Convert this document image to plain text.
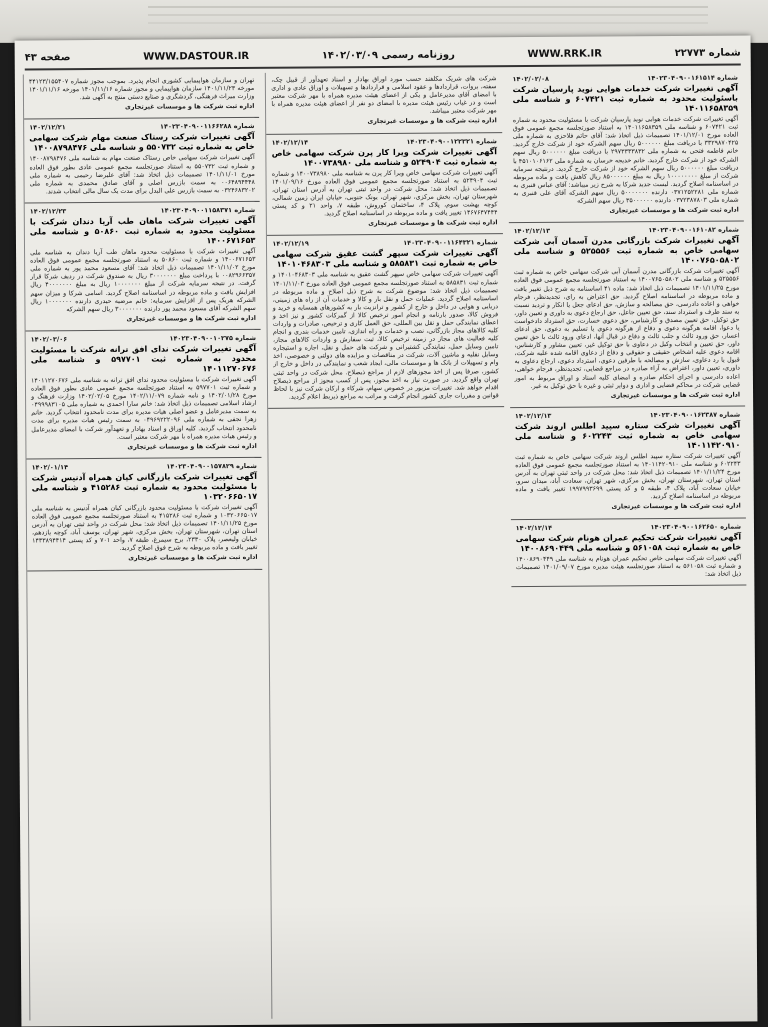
صفحه ۴۳	WWW.DASTOUR.IR	روزنامه رسمی ۱۴۰۲/۰۳/۰۹	WWW.RRK.IR	شماره ۲۲۷۷۳
شماره ۱۴۰۲۳۰۴۰۹۰۰۱۶۱۵۱۴
۱۴۰۲/۰۲/۰۸
آگهی تغییرات شرکت خدمات هوایی نوید پارسیان شرکت باسئولیت محدود به شماره ثبت ۶۰۷۴۲۱ و شناسه ملی ۱۴۰۱۱۶۵۸۳۵۹

آگهی تغییرات شرکت خدمات هوایی نوید پارسیان شرکت با مسئولیت محدود به شماره ثبت ۶۰۷۴۲۱ و شناسه ملی ۱۴۰۱۱۶۵۸۳۵۹ به استناد صورتجلسه مجمع عمومی فوق العاده مورخ ۱۴۰۱/۱۲/۰۱ تصمیمات ذیل اتخاذ شد: آقای حاتم فلاحزی به شماره ملی ۳۳۲۹۸۷۰۴۲۵ با دریافت مبلغ ۵۰۰۰۰۰۰ ریال سهم الشرکه خود از شرکت خارج گردید. خانم فاطمه فتحی به شماره ملی ۲۹۷۳۳۳۳۸۳۲ با دریافت مبلغ ۵۰۰۰۰۰۰ ریال سهم الشرکه خود از شرکت خارج گردید. خانم خدیجه خرسان به شماره ملی ۴۵۱۰۱۰۶۱۶۲ با دریافت مبلغ ۵۰۰۰۰۰۰ ریال سهم الشرکه خود از شرکت خارج گردید. درنتیجه سرمایه شرکت از مبلغ ۱۰۰۰۰۰۰۰۰ ریال به مبلغ ۸۵۰۰۰۰۰۰ ریال کاهش یافت و ماده مربوطه در اساسنامه اصلاح گردید. لیست جدید شرکا به شرح زیر میباشد: آقای عباس قنبری به شماره ملی ۰۳۷۱۲۵۲۲۸۱ دارنده ۵۰۰۰۰۰۰۰ ریال سهم الشرکه آقای علی قنبری به شماره ملی ۰۳۷۲۳۸۷۸۰۳ دارنده ۳۵۰۰۰۰۰۰ ریال سهم الشرکه

اداره ثبت شرکت ها و موسسات غیرتجاری
شماره ۱۴۰۲۳۰۴۰۹۰۰۱۶۱۰۸۲
۱۴۰۲/۱۲/۱۳
آگهی تغییرات شرکت بازرگانی مدرن آسمان آبی شرکت سهامی خاص به شماره ثبت ۵۲۵۵۵۶ و شناسه ملی ۱۴۰۰۷۶۵۰۵۸۰۲

آگهی تغییرات شرکت بازرگانی مدرن آسمان آبی شرکت سهامی خاص به شماره ثبت ۵۲۵۵۵۶ و شناسه ملی ۱۴۰۰۷۶۵۰۵۸۰۲ به استناد صورتجلسه مجمع عمومی فوق العاده مورخ ۱۴۰۱/۱۱/۲۵ تصمیمات ذیل اتخاذ شد: ماده ۴۱ اساسنامه به شرح ذیل تغییر یافت و ماده مربوطه در اساسنامه اصلاح گردید. حق اعتراض به رای، تجدیدنظر، فرجام خواهی و اعاده دادرسی، حق مصالحه و سازش، حق ادعای جعل یا انکار و تردید نسبت به سند طرف و استرداد سند، حق تعیین جاعل، حق ارجاع دعوی به داوری و تعیین داور، حق توکیل، حق تعیین مصدق و کارشناس، حق دعوی خسارت، حق استرداد دادخواست یا دعوا، اقامه هرگونه دعوی و دفاع از هرگونه دعوی یا تسلیم به دعوی، حق ادعای اعسار، حق ورود ثالث و جلب ثالث و دفاع در قبال آنها، ادعای ورود ثالث با حق تعیین داور، حق تعیین و انتخاب وکیل در دعاوی با حق توکیل غیر، تعیین مشاور و کارشناس، اقامه دعوی علیه اشخاص حقیقی و حقوقی و دفاع از دعاوی اقامه شده علیه شرکت، قبول یا رد دعاوی، سازش و مصالحه با طرفین دعوی، استرداد دعوی، ارجاع دعاوی به داوری، تعیین داور، اعتراض به آراء صادره در مراجع قضایی، تجدیدنظر، فرجام خواهی، اعاده دادرسی و اجرای احکام صادره و امضای کلیه اسناد و اوراق مربوط به امور قضایی شرکت در محاکم قضایی و اداری و دوایر ثبتی و غیره با حق توکیل به غیر.

اداره ثبت شرکت ها و موسسات غیرتجاری
شماره ۱۴۰۲۳۰۴۰۹۰۰۱۶۲۳۸۷
۱۴۰۲/۱۲/۱۳
آگهی تغییرات شرکت ستاره سپید اطلس اروند شرکت سهامی خاص به شماره ثبت ۶۰۲۲۴۳ و شناسه ملی ۱۴۰۱۱۴۲۰۹۱۰

آگهی تغییرات شرکت ستاره سپید اطلس اروند شرکت سهامی خاص به شماره ثبت ۶۰۲۲۴۳ و شناسه ملی ۱۴۰۱۱۴۲۰۹۱۰ به استناد صورتجلسه مجمع عمومی فوق العاده مورخ ۱۴۰۱/۱۱/۲۴ تصمیمات ذیل اتخاذ شد: محل شرکت در واحد ثبتی تهران به آدرس استان تهران، شهرستان تهران، بخش مرکزی، شهر تهران، سعادت آباد، میدان سرو، خیابان سعادت آباد، پلاک ۴، طبقه ۵ و کد پستی ۱۹۹۷۹۹۳۶۹۹ تغییر یافت و ماده مربوطه در اساسنامه اصلاح گردید.

اداره ثبت شرکت ها و موسسات غیرتجاری
شماره ۱۴۰۲۳۰۴۰۹۰۰۱۶۲۶۵۰
۱۴۰۲/۱۲/۱۴
آگهی تغییرات شرکت تحکیم عمران هونام شرکت سهامی خاص به شماره ثبت ۵۶۱۰۵۸ و شناسه ملی ۱۴۰۰۸۶۹۰۴۴۹

آگهی تغییرات شرکت سهامی خاص تحکیم عمران هونام به شناسه ملی ۱۴۰۰۸۶۹۰۴۴۹ و شماره ثبت ۵۶۱۰۵۸ به استناد صورتجلسه هیئت مدیره مورخ ۱۴۰۱/۰۹/۰۷ تصمیمات ذیل اتخاذ شد:

شرکت های شریک مکلفند حسب مورد اوراق بهادار و اسناد تعهدآور از قبیل چک، سفته، بروات، قراردادها و عقود اسلامی و قراردادها و تسهیلات و اوراق عادی و اداری با امضای آقای مدیرعامل و یکی از اعضای هیئت مدیره همراه با مهر شرکت معتبر است و در غیاب رئیس هیئت مدیره با امضای دو نفر از اعضای هیئت مدیره همراه با مهر شرکت معتبر میباشد.

اداره ثبت شرکت ها و موسسات غیرتجاری
شماره ۱۴۰۲۳۰۴۰۹۰۰۱۲۲۳۲۱
۱۴۰۲/۱۲/۱۴
آگهی تغییرات شرکت ویرا کار پرن شرکت سهامی خاص به شماره ثبت ۵۲۴۹۰۴ و شناسه ملی ۱۴۰۰۷۳۸۹۸۰

آگهی تغییرات شرکت سهامی خاص ویرا کار پرن به شناسه ملی ۱۴۰۰۷۳۸۹۸۰ و شماره ثبت ۵۲۴۹۰۴ به استناد صورتجلسه مجمع عمومی فوق العاده مورخ ۱۴۰۱/۰۹/۱۶ تصمیمات ذیل اتخاذ شد: محل شرکت در واحد ثبتی تهران به آدرس استان تهران، شهرستان تهران، بخش مرکزی، شهر تهران، یونک جنوبی، خیابان ایران زمین شمالی، کوچه بهشت سوم، پلاک ۴، ساختمان کوروش، طبقه ۷، واحد ۲۱ و کد پستی ۱۴۶۷۶۴۷۴۴۴ تغییر یافت و ماده مربوطه در اساسنامه اصلاح گردید.

اداره ثبت شرکت ها و موسسات غیرتجاری
شماره ۱۴۰۲۳۰۴۰۹۰۰۱۱۶۴۳۲۱
۱۴۰۲/۱۲/۱۹
آگهی تغییرات شرکت سپهر گشت عقیق شرکت سهامی خاص به شماره ثبت ۵۸۵۸۳۱ و شناسه ملی ۱۴۰۱۰۴۶۸۳۰۳

آگهی تغییرات شرکت سهامی خاص سپهر گشت عقیق به شناسه ملی ۱۴۰۱۰۴۶۸۳۰۳ و شماره ثبت ۵۸۵۸۳۱ به استناد صورتجلسه مجمع عمومی فوق العاده مورخ ۱۴۰۱/۱۱/۰۳ تصمیمات ذیل اتخاذ شد: موضوع شرکت به شرح ذیل اصلاح و ماده مربوطه در اساسنامه اصلاح گردید. عملیات حمل و نقل بار و کالا و خدمات آن از راه های زمینی، دریایی و هوایی در داخل و خارج از کشور و ترانزیت بار به کشورهای همسایه و خرید و فروش کالا، صدور بارنامه و انجام امور ترخیص کالا از گمرکات کشور و نیز اخذ و اعطای نمایندگی حمل و نقل بین المللی، حق العمل کاری و ترخیص، صادرات و واردات کلیه کالاهای مجاز بازرگانی، نصب و خدمات و راه اندازی، تامین خدمات بندری و انجام کلیه فعالیت های مجاز در زمینه ترخیص کالا، ثبت سفارش و واردات کالاهای مجاز، تامین وسایل حمل، نمایندگی کشتیرانی و شرکت های حمل و نقل، اجاره و استیجاره وسایل نقلیه و ماشین آلات، شرکت در مناقصات و مزایده های دولتی و خصوصی، اخذ وام و تسهیلات از بانک ها و موسسات مالی، ایجاد شعب و نمایندگی در داخل و خارج از کشور، صرفا پس از اخذ مجوزهای لازم از مراجع ذیصلاح. محل شرکت در واحد ثبتی تهران واقع گردید. در صورت نیاز به اخذ مجوز، پس از کسب مجوز از مراجع ذیصلاح اقدام خواهد شد. تغییرات مزبور در خصوص سهام، شرکاء و ارکان شرکت نیز با لحاظ قوانین و مقررات جاری کشور انجام گرفت و مراتب به مراجع ذیربط اعلام گردید.

تهران و سازمان هواپیمایی کشوری انجام پذیرد. بموجب مجوز شماره ۴۴۱۲۳/۱۵۵۴۰۷ مورخه ۱۴۰۱/۱۱/۲۳ سازمان هواپیمایی و مجوز شماره ۱۴۰۱/۱۱/۱۶ مورخه ۱۴۰۱/۱۱/۱۶ وزارت میراث فرهنگی، گردشگری و صنایع دستی منتج به آگهی شد.

اداره ثبت شرکت ها و موسسات غیرتجاری
شماره ۱۴۰۲۳۰۴۰۹۰۰۱۱۶۶۲۸۸
۱۴۰۲/۱۲/۲۱
آگهی تغییرات شرکت رستاک صنعت مهام شرکت سهامی خاص به شماره ثبت ۵۵۰۷۳۲ و شناسه ملی ۱۴۰۰۸۷۹۸۴۷۶

آگهی تغییرات شرکت سهامی خاص رستاک صنعت مهام به شناسه ملی ۱۴۰۰۸۷۹۸۴۷۶ و شماره ثبت ۵۵۰۷۳۲ به استناد صورتجلسه مجمع عمومی عادی بطور فوق العاده مورخ ۱۴۰۱/۱۱/۰۱ تصمیمات ذیل اتخاذ شد: آقای علیرضا رحیمی به شماره ملی ۰۰۶۴۸۹۴۴۴۸ به سمت بازرس اصلی و آقای صادق محمدی به شماره ملی ۰۳۲۴۶۸۳۲۰۲ به سمت بازرس علی البدل برای مدت یک سال مالی انتخاب شدند.

شماره ۱۴۰۲۳۰۴۰۹۰۰۱۱۵۸۳۷۱
۱۴۰۲/۱۲/۲۳
آگهی تغییرات شرکت ماهان طب آریا دندان شرکت با مسئولیت محدود به شماره ثبت ۵۰۸۶۰ و شناسه ملی ۱۴۰۰۶۷۱۶۵۳

آگهی تغییرات شرکت با مسئولیت محدود ماهان طب آریا دندان به شناسه ملی ۱۴۰۰۶۷۱۶۵۳ و شماره ثبت ۵۰۸۶۰ به استناد صورتجلسه مجمع عمومی فوق العاده مورخ ۱۴۰۱/۱۱/۰۲ تصمیمات ذیل اتخاذ شد: آقای مسعود محمد پور به شماره ملی ۰۰۸۲۹۶۶۳۵۷ با پرداخت مبلغ ۳۰۰۰۰۰۰۰ ریال به صندوق شرکت در ردیف شرکا قرار گرفت. در نتیجه سرمایه شرکت از مبلغ ۱۰۰۰۰۰۰۰ ریال به مبلغ ۴۰۰۰۰۰۰۰ ریال افزایش یافت و ماده مربوطه در اساسنامه اصلاح گردید. اسامی شرکا و میزان سهم الشرکه هریک پس از افزایش سرمایه: خانم مرضیه حیدری دارنده ۱۰۰۰۰۰۰۰ ریال سهم الشرکه آقای مسعود محمد پور دارنده ۳۰۰۰۰۰۰۰ ریال سهم الشرکه

اداره ثبت شرکت ها و موسسات غیرتجاری
شماره ۱۴۰۲۳۰۴۰۹۰۰۱۰۲۷۵
۱۴۰۲/۰۳/۰۶
آگهی تغییرات شرکت ندای افق ترانه شرکت با مسئولیت محدود به شماره ثبت ۵۹۷۷۰۱ و شناسه ملی ۱۴۰۱۱۲۷۰۶۷۶

آگهی تغییرات شرکت با مسئولیت محدود ندای افق ترانه به شناسه ملی ۱۴۰۱۱۲۷۰۶۷۶ و شماره ثبت ۵۹۷۷۰۱ به استناد صورتجلسه مجمع عمومی عادی بطور فوق العاده مورخ ۱۴۰۲/۰۱/۲۸ و نامه شماره ۱۴۰۲/۱۱/۰۷۹ مورخ ۱۴۰۲/۰۲/۰۵ وزارت فرهنگ و ارشاد اسلامی تصمیمات ذیل اتخاذ شد: خانم سارا احمدی به شماره ملی ۰۴۹۹۹۸۳۱۰۵ به سمت مدیرعامل و عضو اصلی هیات مدیره برای مدت نامحدود انتخاب گردید. خانم زهرا نجفی به شماره ملی ۰۴۹۶۹۲۲۲۰۹۶ به سمت رئیس هیات مدیره برای مدت نامحدود انتخاب گردید. کلیه اوراق و اسناد بهادار و تعهدآور شرکت با امضای مدیرعامل و رئیس هیات مدیره همراه با مهر شرکت معتبر است.

اداره ثبت شرکت ها و موسسات غیرتجاری
شماره ۱۴۰۲۳۰۴۰۹۰۰۱۵۷۸۲۹
۱۴۰۲/۰۱/۱۴
آگهی تغییرات شرکت بازرگانی کیان همراه آدنیس شرکت با مسئولیت محدود به شماره ثبت ۴۱۵۲۸۶ و شناسه ملی ۱۰۳۲۰۶۶۵۰۱۷

آگهی تغییرات شرکت با مسئولیت محدود بازرگانی کیان همراه آدنیس به شناسه ملی ۱۰۳۲۰۶۶۵۰۱۷ و شماره ثبت ۴۱۵۲۸۶ به استناد صورتجلسه مجمع عمومی فوق العاده مورخ ۱۴۰۱/۱۱/۲۵ تصمیمات ذیل اتخاذ شد: محل شرکت در واحد ثبتی تهران به آدرس استان تهران، شهرستان تهران، بخش مرکزی، شهر تهران، یوسف آباد، کوچه یازدهم، خیابان ولیعصر، پلاک ۲۳۳۰، برج سیمرغ، طبقه ۷، واحد ۷۰۱ و کد پستی ۱۴۳۳۸۹۴۴۱۴ تغییر یافت و ماده مربوطه به شرح فوق اصلاح گردید.

اداره ثبت شرکت ها و موسسات غیرتجاری
